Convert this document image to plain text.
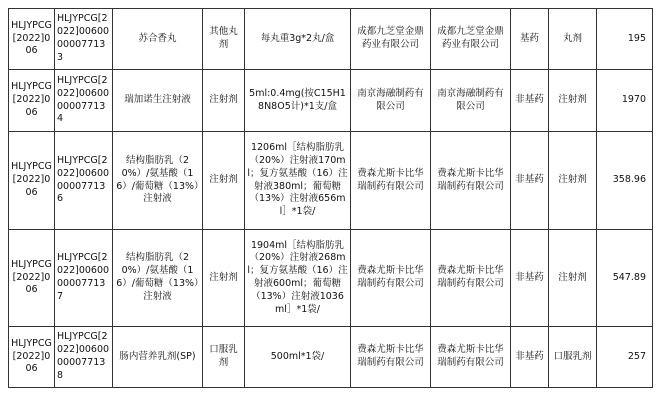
HLJYPCG[2022]006	HLJYPCG[2022]00600000077133	苏合香丸	其他丸剂	每丸重3g*2丸/盒	成都九芝堂金鼎药业有限公司	成都九芝堂金鼎药业有限公司	基药	丸剂	195
HLJYPCG[2022]006	HLJYPCG[2022]00600000077134	瑞加诺生注射液	注射剂	5ml:0.4mg(按C15H18N8O5计)*1支/盒	南京海融制药有限公司	南京海融制药有限公司	非基药	注射剂	1970
HLJYPCG[2022]006	HLJYPCG[2022]00600000077136	结构脂肪乳（20%）/氨基酸（16）/葡萄糖（13%）注射液	注射剂	1206ml［结构脂肪乳（20%）注射液170ml；复方氨基酸（16）注射液380ml；葡萄糖（13%）注射液656ml］*1袋/	费森尤斯卡比华瑞制药有限公司	费森尤斯卡比华瑞制药有限公司	非基药	注射剂	358.96
HLJYPCG[2022]006	HLJYPCG[2022]00600000077137	结构脂肪乳（20%）/氨基酸（16）/葡萄糖（13%）注射液	注射剂	1904ml［结构脂肪乳（20%）注射液268ml；复方氨基酸（16）注射液600ml；葡萄糖（13%）注射液1036ml］*1袋/	费森尤斯卡比华瑞制药有限公司	费森尤斯卡比华瑞制药有限公司	非基药	注射剂	547.89
HLJYPCG[2022]006	HLJYPCG[2022]00600000077138	肠内营养乳剂(SP)	口服乳剂	500ml*1袋/	费森尤斯卡比华瑞制药有限公司	费森尤斯卡比华瑞制药有限公司	非基药	口服乳剂	257
